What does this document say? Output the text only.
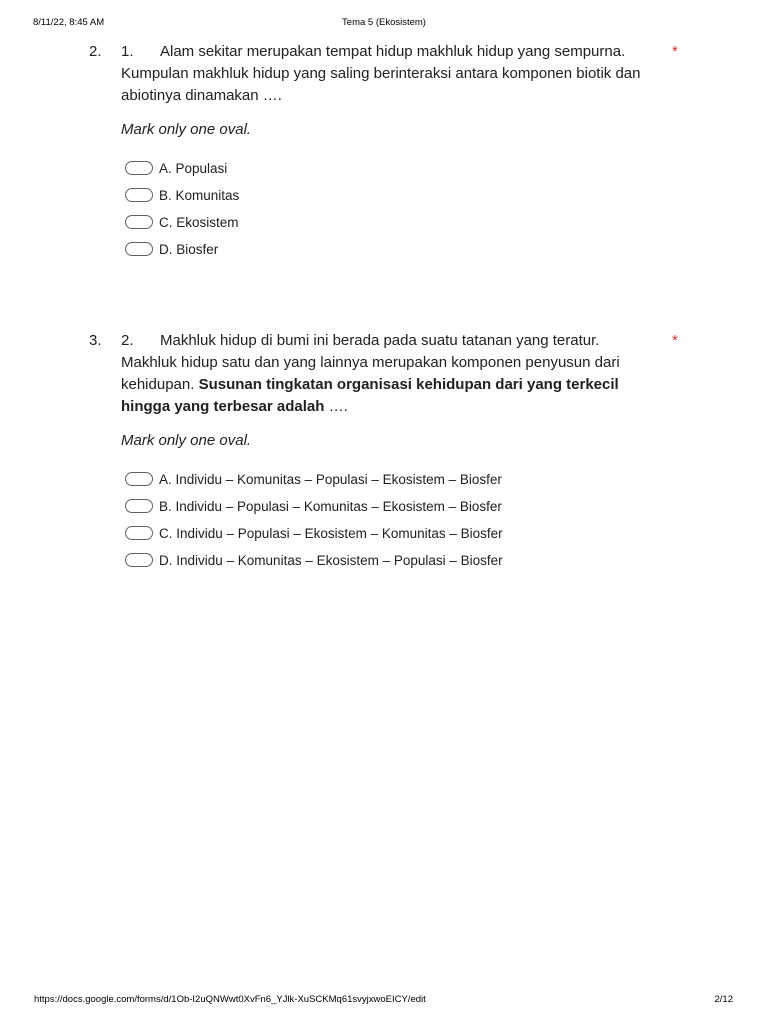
8/11/22, 8:45 AM	Tema 5 (Ekosistem)
2. 1. Alam sekitar merupakan tempat hidup makhluk hidup yang sempurna.
Kumpulan makhluk hidup yang saling berinteraksi antara komponen biotik dan abiotinya dinamakan ….
*
Mark only one oval.
A. Populasi
B. Komunitas
C. Ekosistem
D. Biosfer
3. 2. Makhluk hidup di bumi ini berada pada suatu tatanan yang teratur.
Makhluk hidup satu dan yang lainnya merupakan komponen penyusun dari kehidupan. Susunan tingkatan organisasi kehidupan dari yang terkecil hingga yang terbesar adalah ….
*
Mark only one oval.
A. Individu – Komunitas – Populasi – Ekosistem – Biosfer
B. Individu – Populasi – Komunitas – Ekosistem – Biosfer
C. Individu – Populasi – Ekosistem – Komunitas – Biosfer
D. Individu – Komunitas – Ekosistem – Populasi – Biosfer
https://docs.google.com/forms/d/1Ob-I2uQNWwt0XvFn6_YJlk-XuSCKMq61svyjxwoEICY/edit	2/12
